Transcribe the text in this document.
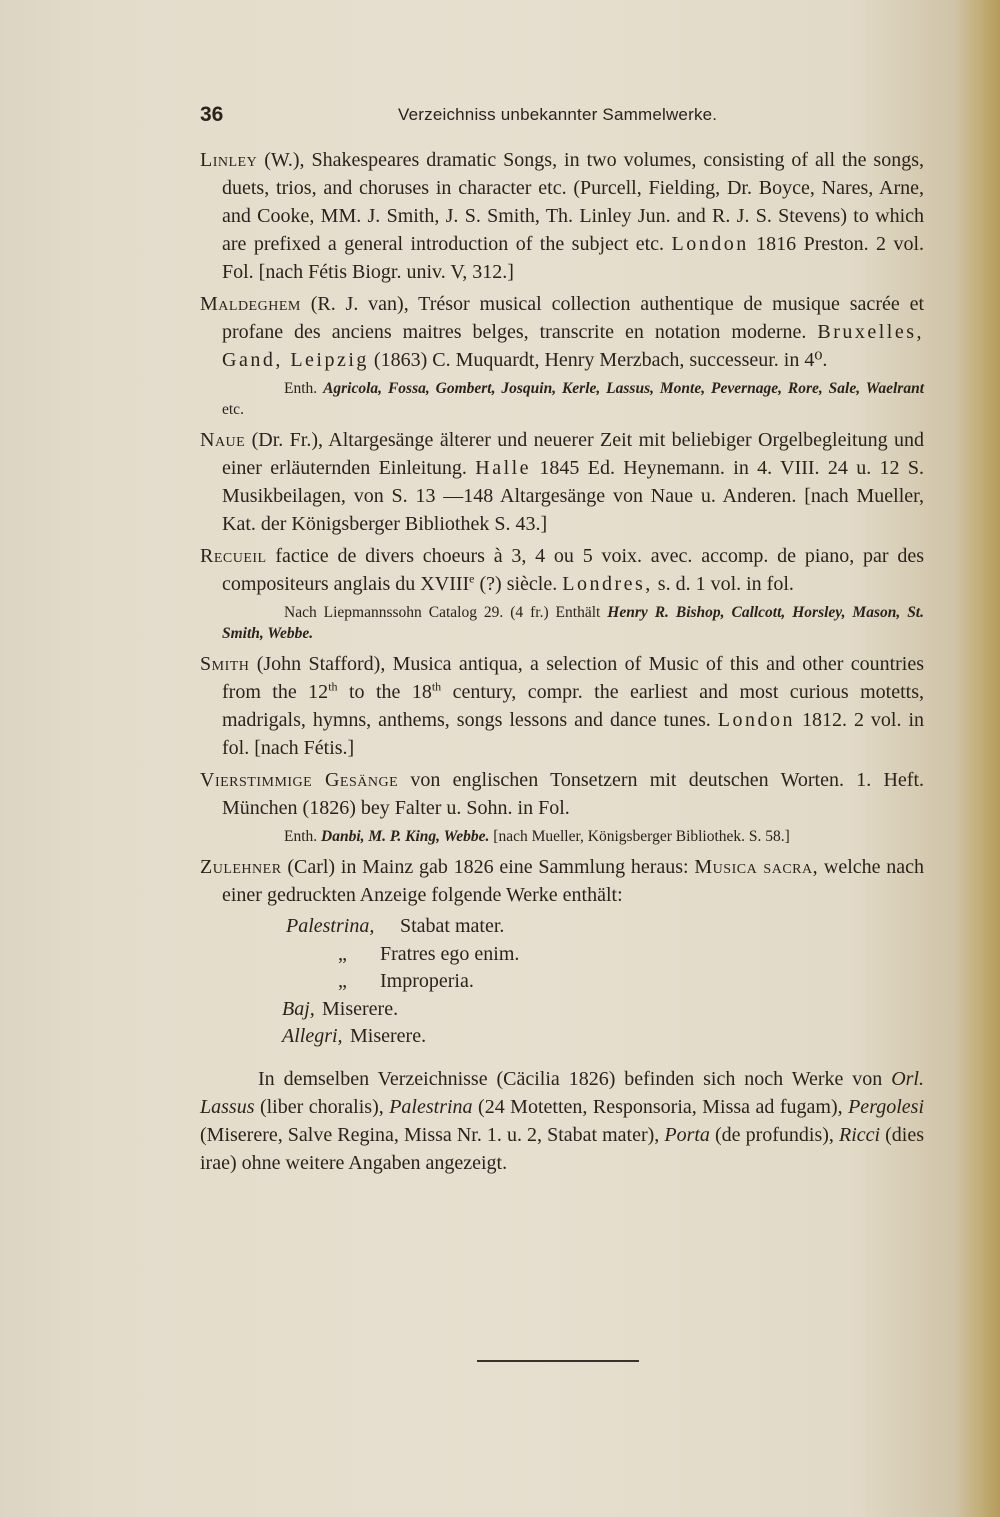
36	Verzeichniss unbekannter Sammelwerke.

Linley (W.), Shakespeares dramatic Songs, in two volumes, consisting of all the songs, duets, trios, and choruses in character etc. (Purcell, Fielding, Dr. Boyce, Nares, Arne, and Cooke, MM. J. Smith, J. S. Smith, Th. Linley Jun. and R. J. S. Stevens) to which are prefixed a general introduction of the subject etc. London 1816 Preston. 2 vol. Fol. [nach Fétis Biogr. univ. V, 312.]

Maldeghem (R. J. van), Trésor musical collection authentique de musique sacrée et profane des anciens maitres belges, transcrite en notation moderne. Bruxelles, Gand, Leipzig (1863) C. Muquardt, Henry Merzbach, successeur. in 4⁰.

Enth. Agricola, Fossa, Gombert, Josquin, Kerle, Lassus, Monte, Pevernage, Rore, Sale, Waelrant etc.

Naue (Dr. Fr.), Altargesänge älterer und neuerer Zeit mit beliebiger Orgelbegleitung und einer erläuternden Einleitung. Halle 1845 Ed. Heynemann. in 4. VIII. 24 u. 12 S. Musikbeilagen, von S. 13 —148 Altargesänge von Naue u. Anderen. [nach Mueller, Kat. der Königsberger Bibliothek S. 43.]

Recueil factice de divers choeurs à 3, 4 ou 5 voix. avec. accomp. de piano, par des compositeurs anglais du XVIIIe (?) siècle. Londres, s. d. 1 vol. in fol.

Nach Liepmannssohn Catalog 29. (4 fr.) Enthält Henry R. Bishop, Callcott, Horsley, Mason, St. Smith, Webbe.

Smith (John Stafford), Musica antiqua, a selection of Music of this and other countries from the 12th to the 18th century, compr. the earliest and most curious motetts, madrigals, hymns, anthems, songs lessons and dance tunes. London 1812. 2 vol. in fol. [nach Fétis.]

Vierstimmige Gesänge von englischen Tonsetzern mit deutschen Worten. 1. Heft. München (1826) bey Falter u. Sohn. in Fol.

Enth. Danbi, M. P. King, Webbe. [nach Mueller, Königsberger Bibliothek. S. 58.]

Zulehner (Carl) in Mainz gab 1826 eine Sammlung heraus: Musica sacra, welche nach einer gedruckten Anzeige folgende Werke enthält:

Palestrina, Stabat mater.
„ Fratres ego enim.
„ Improperia.
Baj, Miserere.
Allegri, Miserere.

In demselben Verzeichnisse (Cäcilia 1826) befinden sich noch Werke von Orl. Lassus (liber choralis), Palestrina (24 Motetten, Responsoria, Missa ad fugam), Pergolesi (Miserere, Salve Regina, Missa Nr. 1. u. 2, Stabat mater), Porta (de profundis), Ricci (dies irae) ohne weitere Angaben angezeigt.
